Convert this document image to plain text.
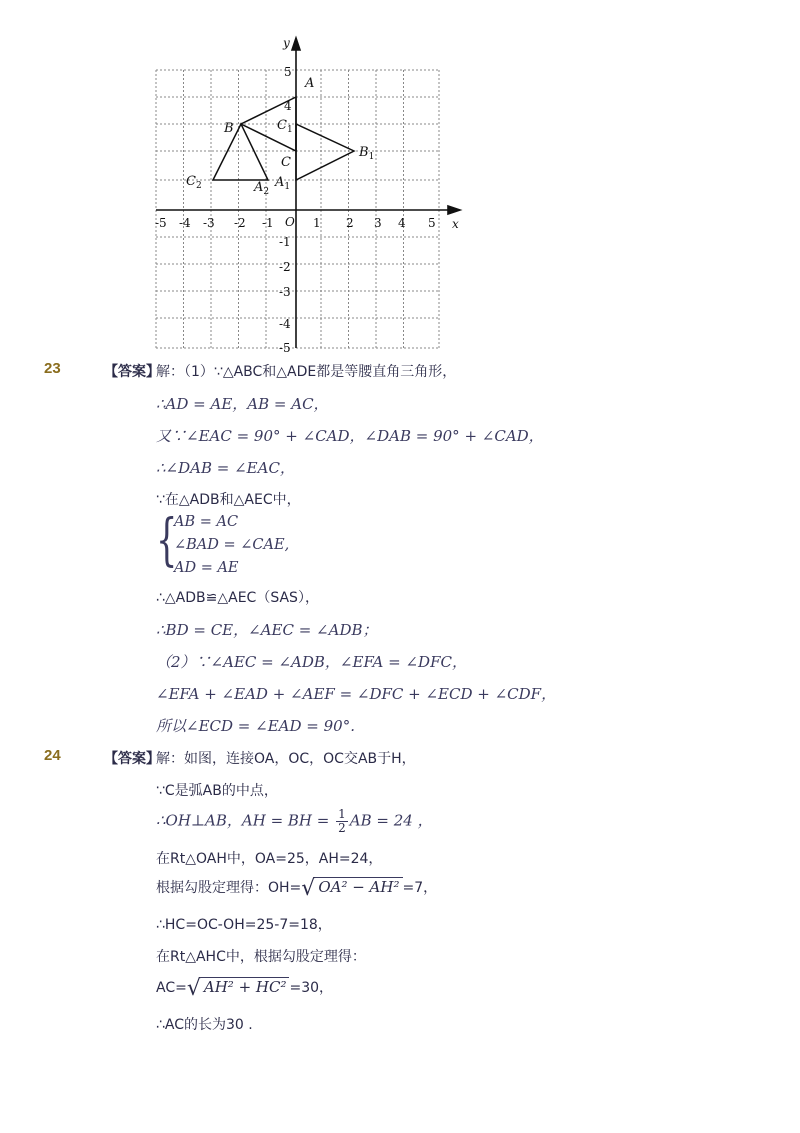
-5 -4 -3 -2 -1	1 2 3 4 5 x
5
4
-1
-2
-3
-4
-5
y
O
A
B
C
$C_1$
$B_1$
$A_1$
$A_2$
$C_2$
23	【答案】
解：（1）∵△ABC和△ADE都是等腰直角三角形，
∴AD = AE，AB = AC，
又∵∠EAC = 90° + ∠CAD，∠DAB = 90° + ∠CAD，
∴∠DAB = ∠EAC，
∵在△ADB和△AEC中，
{
AB = AC
∠BAD = ∠CAE,
AD = AE
∴△ADB≌△AEC（SAS），
∴BD = CE，∠AEC = ∠ADB；
（2）∵∠AEC = ∠ADB，∠EFA = ∠DFC，
∠EFA + ∠EAD + ∠AEF = ∠DFC + ∠ECD + ∠CDF，
所以∠ECD = ∠EAD = 90°.
24	【答案】
解：如图，连接OA，OC，OC交AB于H，
∵C是弧AB的中点，
∴OH⊥AB，AH = BH = $\frac{1}{2}$ AB = 24 ，
在Rt△OAH中，OA=25，AH=24，
根据勾股定理得：OH=√ OA² − AH² =7，
∴HC=OC-OH=25-7=18，
在Rt△AHC中，根据勾股定理得：
AC=√ AH² + HC² =30，
∴AC的长为30 .
